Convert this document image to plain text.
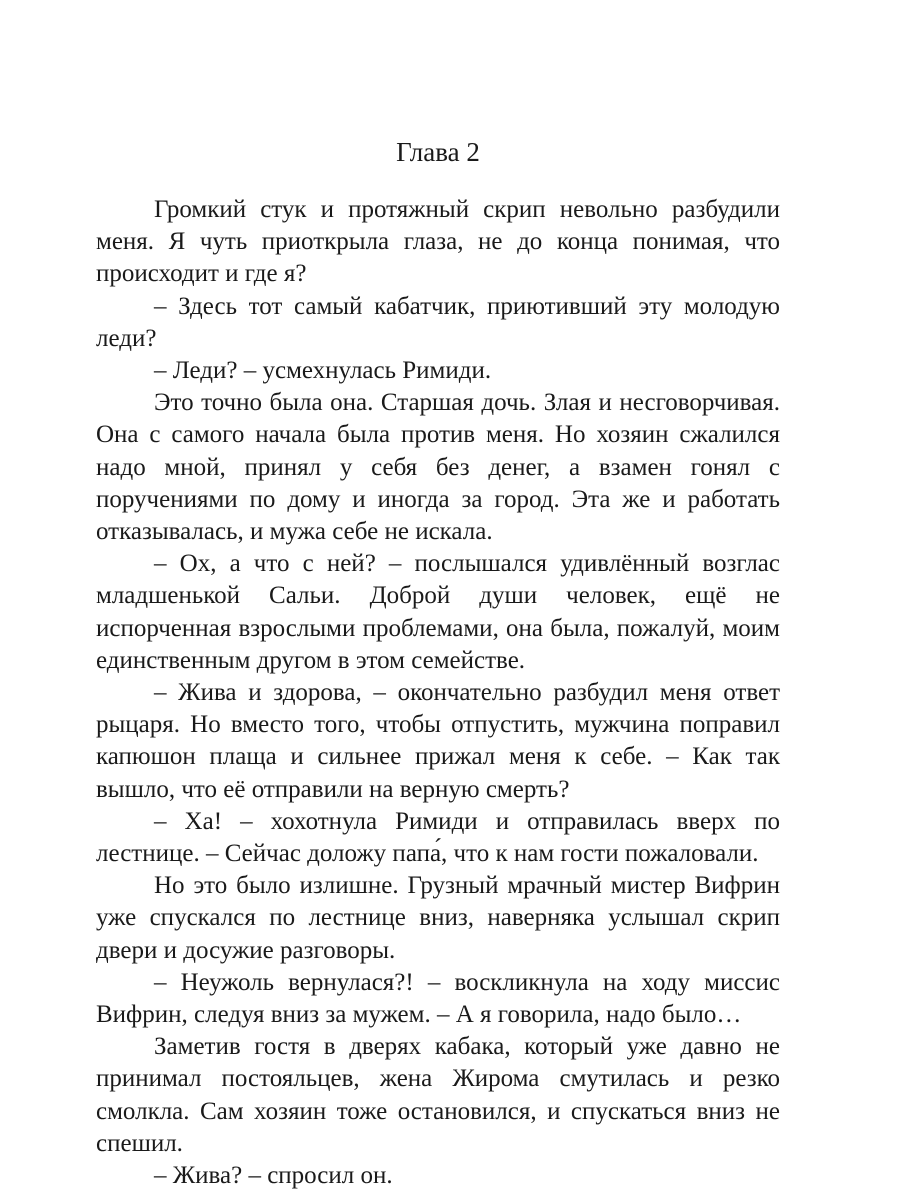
Глава 2

Громкий стук и протяжный скрип невольно разбудили меня. Я чуть приоткрыла глаза, не до конца понимая, что происходит и где я?

– Здесь тот самый кабатчик, приютивший эту молодую леди?

– Леди? – усмехнулась Римиди.

Это точно была она. Старшая дочь. Злая и несговорчивая. Она с самого начала была против меня. Но хозяин сжалился надо мной, принял у себя без денег, а взамен гонял с поручениями по дому и иногда за город. Эта же и работать отказывалась, и мужа себе не искала.

– Ох, а что с ней? – послышался удивлённый возглас младшенькой Сальи. Доброй души человек, ещё не испорченная взрослыми проблемами, она была, пожалуй, моим единственным другом в этом семействе.

– Жива и здорова, – окончательно разбудил меня ответ рыцаря. Но вместо того, чтобы отпустить, мужчина поправил капюшон плаща и сильнее прижал меня к себе. – Как так вышло, что её отправили на верную смерть?

– Ха! – хохотнула Римиди и отправилась вверх по лестнице. – Сейчас доложу папа́, что к нам гости пожаловали.

Но это было излишне. Грузный мрачный мистер Вифрин уже спускался по лестнице вниз, наверняка услышал скрип двери и досужие разговоры.

– Неужоль вернулася?! – воскликнула на ходу миссис Вифрин, следуя вниз за мужем. – А я говорила, надо было…

Заметив гостя в дверях кабака, который уже давно не принимал постояльцев, жена Жирома смутилась и резко смолкла. Сам хозяин тоже остановился, и спускаться вниз не спешил.

– Жива? – спросил он.
